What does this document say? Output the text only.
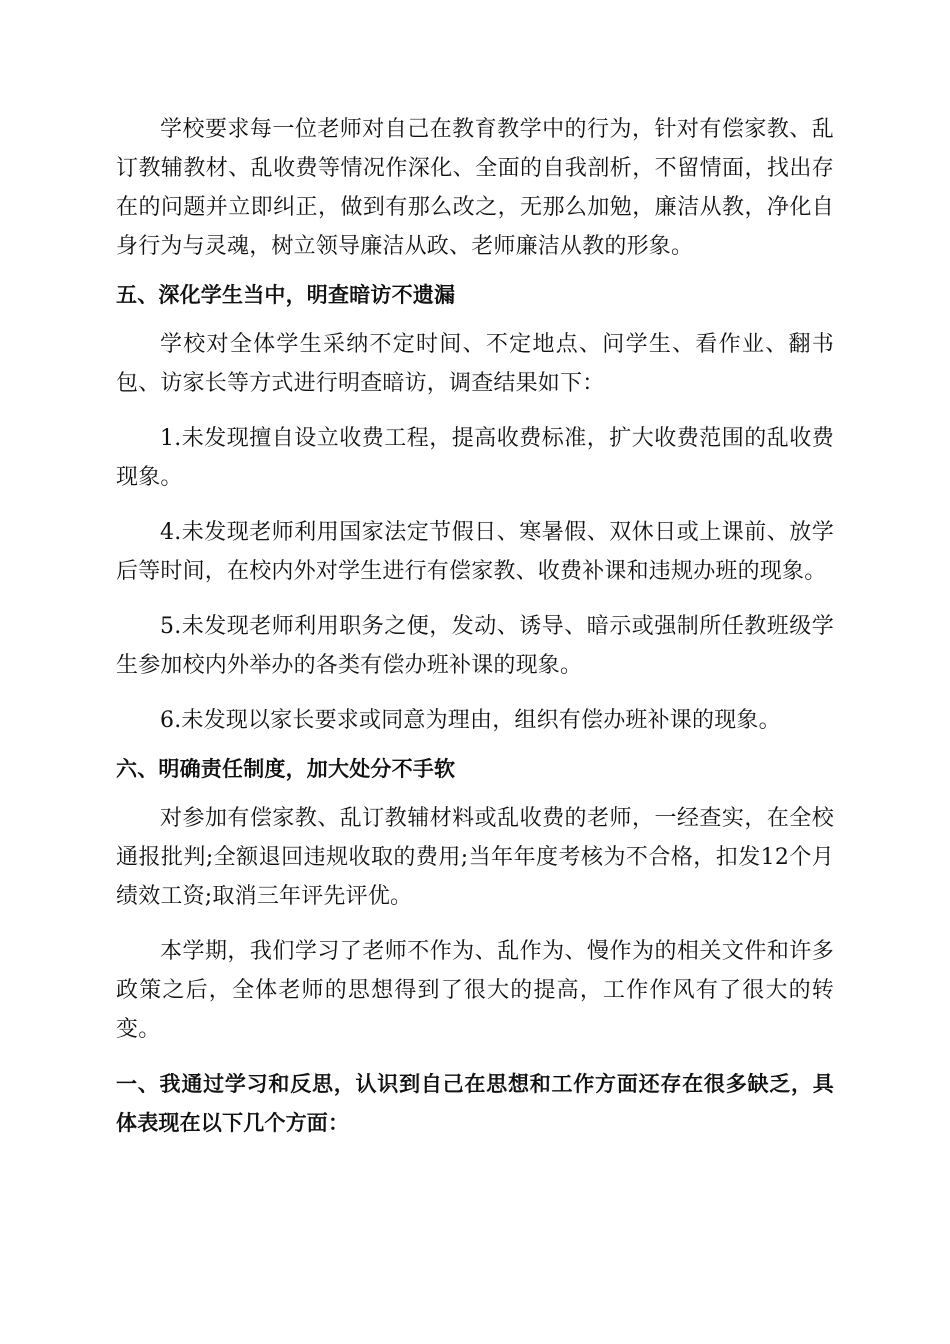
学校要求每一位老师对自己在教育教学中的行为，针对有偿家教、乱订教辅教材、乱收费等情况作深化、全面的自我剖析，不留情面，找出存在的问题并立即纠正，做到有那么改之，无那么加勉，廉洁从教，净化自身行为与灵魂，树立领导廉洁从政、老师廉洁从教的形象。

五、深化学生当中，明查暗访不遗漏

学校对全体学生采纳不定时间、不定地点、问学生、看作业、翻书包、访家长等方式进行明查暗访，调查结果如下：

1.未发现擅自设立收费工程，提高收费标准，扩大收费范围的乱收费现象。

4.未发现老师利用国家法定节假日、寒暑假、双休日或上课前、放学后等时间，在校内外对学生进行有偿家教、收费补课和违规办班的现象。

5.未发现老师利用职务之便，发动、诱导、暗示或强制所任教班级学生参加校内外举办的各类有偿办班补课的现象。

6.未发现以家长要求或同意为理由，组织有偿办班补课的现象。

六、明确责任制度，加大处分不手软

对参加有偿家教、乱订教辅材料或乱收费的老师，一经查实，在全校通报批判;全额退回违规收取的费用;当年年度考核为不合格，扣发12个月绩效工资;取消三年评先评优。

本学期，我们学习了老师不作为、乱作为、慢作为的相关文件和许多政策之后，全体老师的思想得到了很大的提高，工作作风有了很大的转变。

一、我通过学习和反思，认识到自己在思想和工作方面还存在很多缺乏，具体表现在以下几个方面：
